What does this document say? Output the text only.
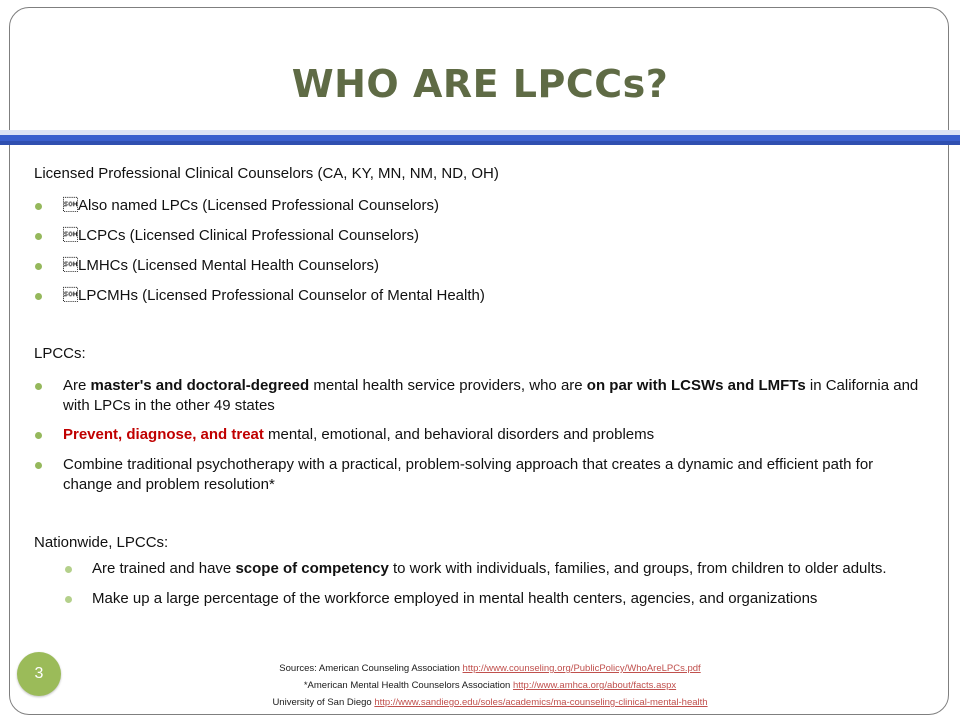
WHO ARE LPCCs?

Licensed Professional Clinical Counselors (CA, KY, MN, NM, ND, OH)

Also named LPCs (Licensed Professional Counselors)
LCPCs (Licensed Clinical Professional Counselors)
LMHCs (Licensed Mental Health Counselors)
LPCMHs (Licensed Professional Counselor of Mental Health)

LPCCs:

Are master's and doctoral-degreed mental health service providers, who are on par with LCSWs and LMFTs in California and with LPCs in the other 49 states
Prevent, diagnose, and treat mental, emotional, and behavioral disorders and problems
Combine traditional psychotherapy with a practical, problem-solving approach that creates a dynamic and efficient path for change and problem resolution*

Nationwide, LPCCs:

Are trained and have scope of competency to work with individuals, families, and groups, from children to older adults.
Make up a large percentage of the workforce employed in mental health centers, agencies, and organizations
3	Sources: American Counseling Association http://www.counseling.org/PublicPolicy/WhoAreLPCs.pdf
*American Mental Health Counselors Association http://www.amhca.org/about/facts.aspx
University of San Diego http://www.sandiego.edu/soles/academics/ma-counseling-clinical-mental-health
